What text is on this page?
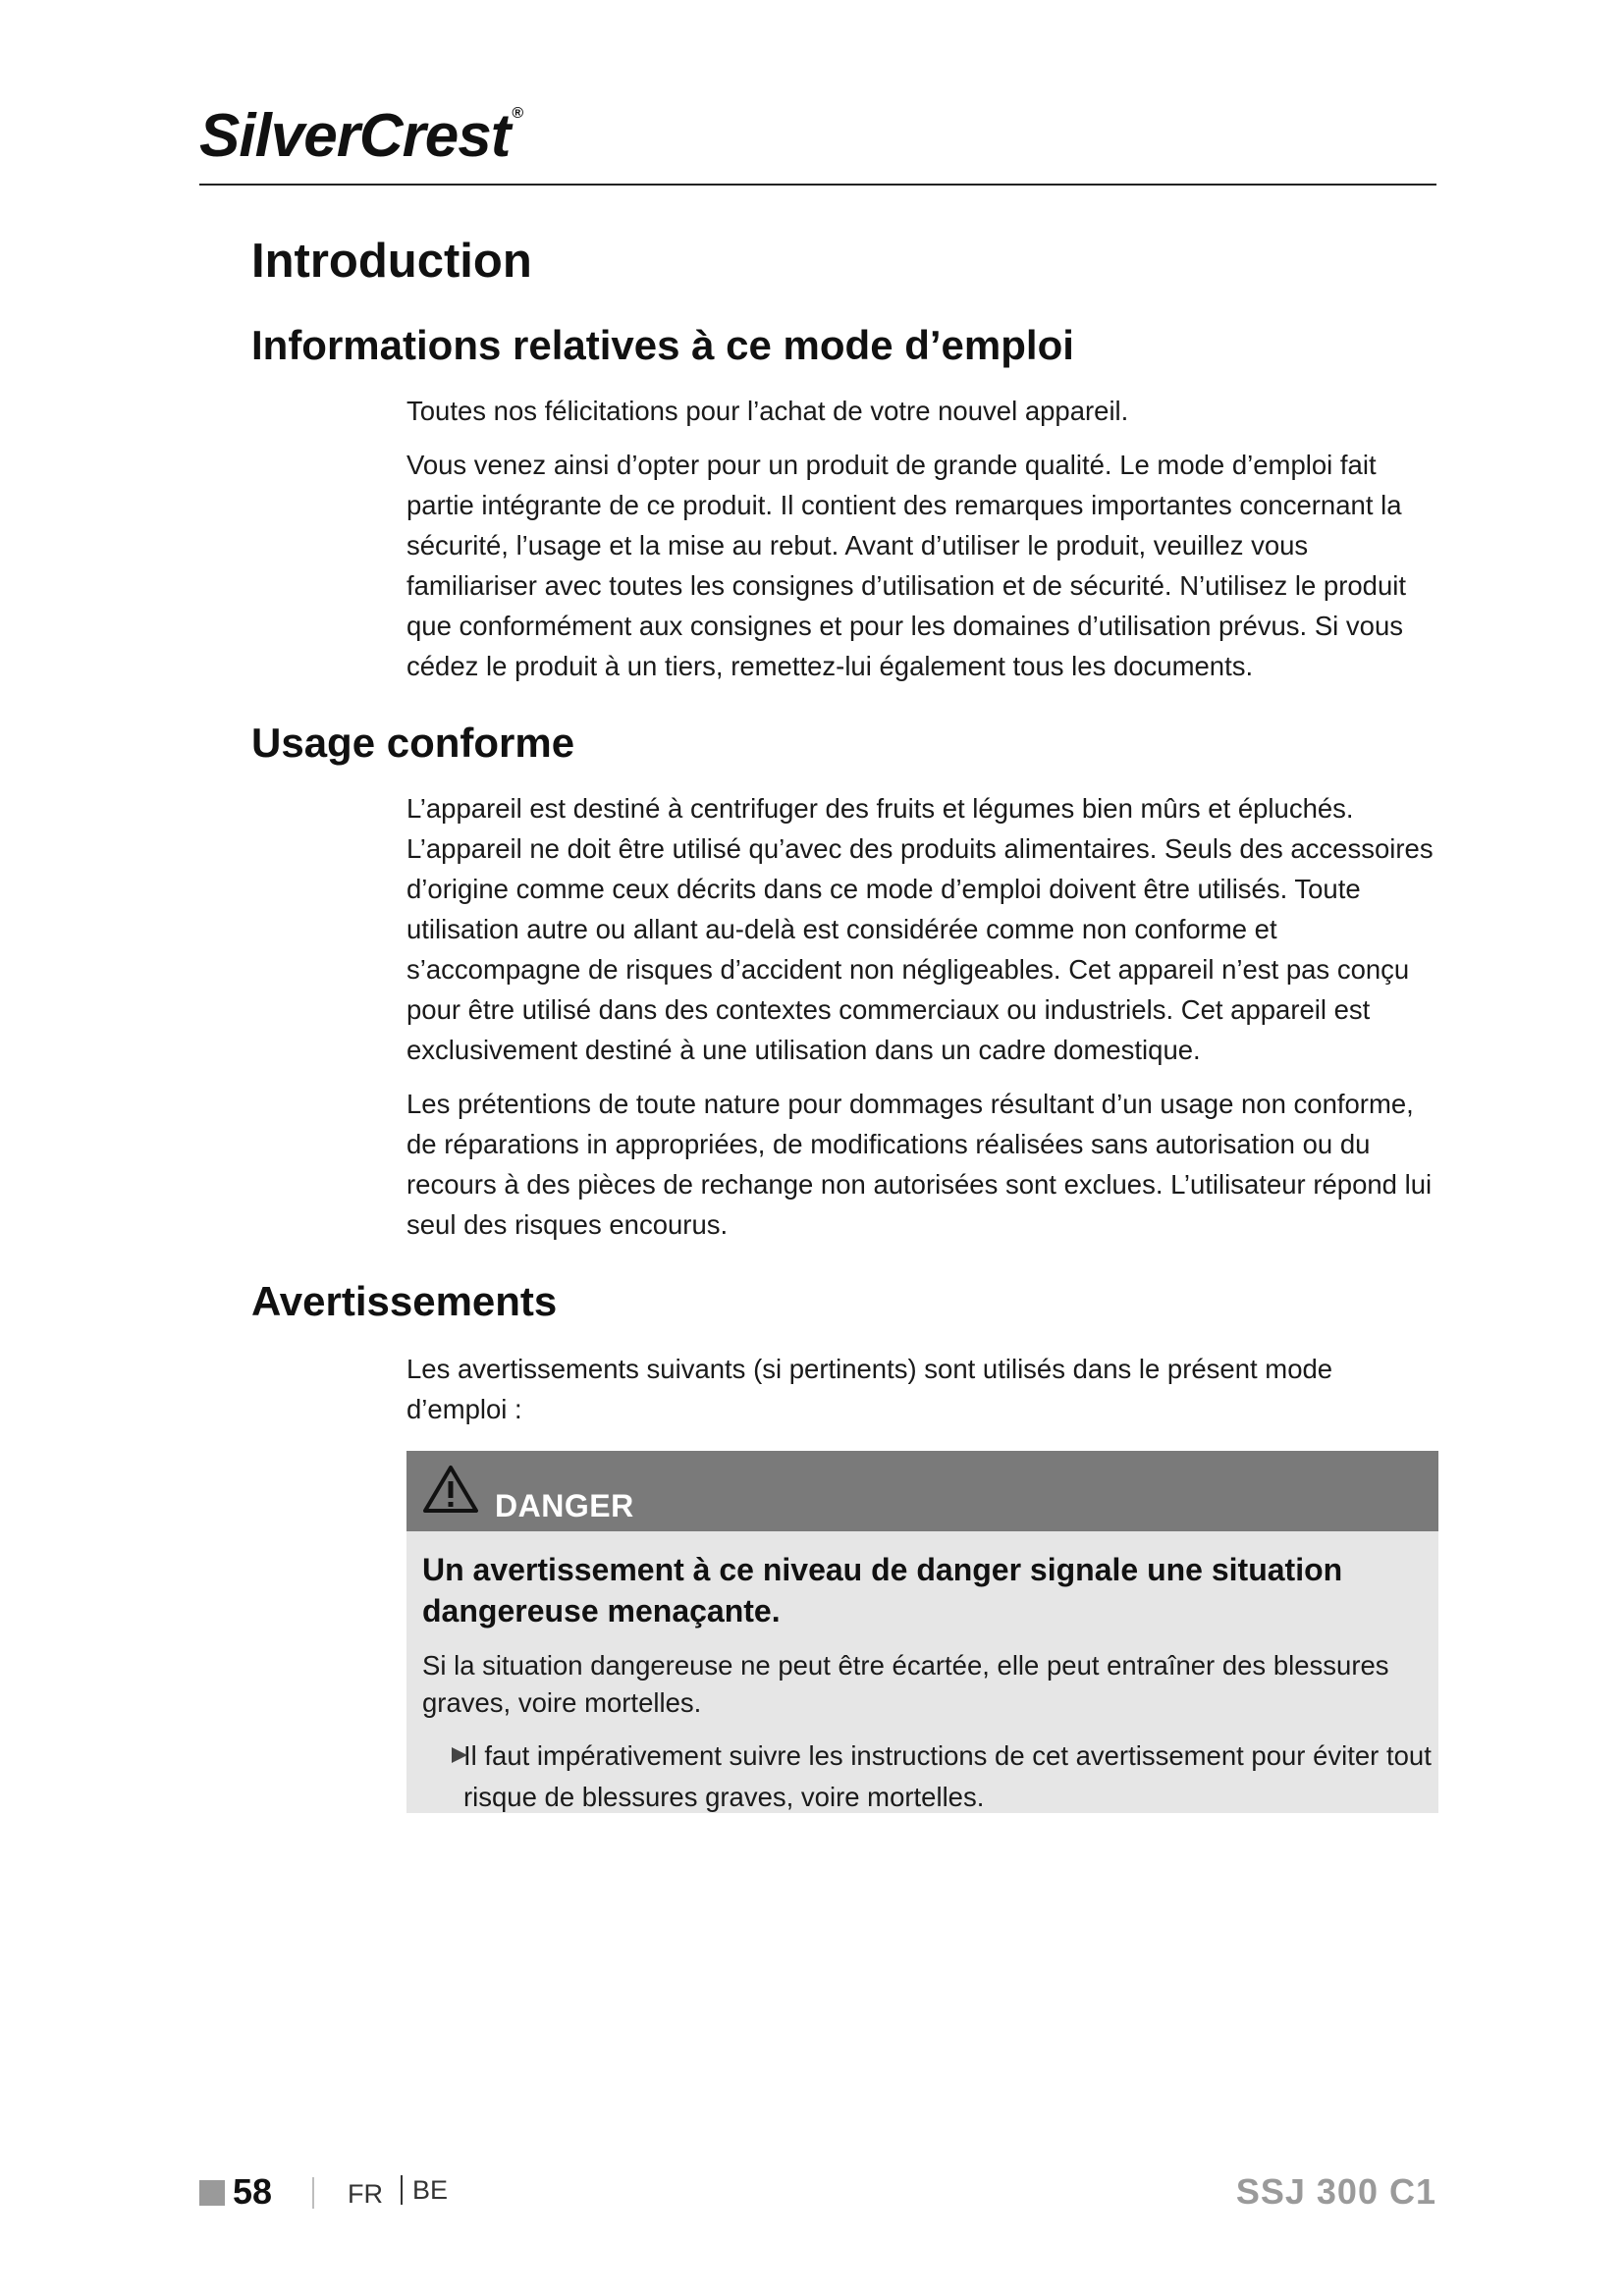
SilverCrest ®
Introduction
Informations relatives à ce mode d’emploi

Toutes nos félicitations pour l’achat de votre nouvel appareil.

Vous venez ainsi d’opter pour un produit de grande qualité. Le mode d’emploi fait partie intégrante de ce produit. Il contient des remarques importantes concernant la sécurité, l’usage et la mise au rebut. Avant d’utiliser le produit, veuillez vous familiariser avec toutes les consignes d’utilisation et de sécurité. N’utilisez le produit que conformément aux consignes et pour les domaines d’utilisation prévus. Si vous cédez le produit à un tiers, remettez-lui également tous les documents.

Usage conforme

L’appareil est destiné à centrifuger des fruits et légumes bien mûrs et épluchés. L’appareil ne doit être utilisé qu’avec des produits alimentaires. Seuls des accessoires d’origine comme ceux décrits dans ce mode d’emploi doivent être utilisés. Toute utilisation autre ou allant au-delà est considérée comme non conforme et s’accompagne de risques d’accident non négligeables. Cet appareil n’est pas conçu pour être utilisé dans des contextes commerciaux ou industriels. Cet appareil est exclusivement destiné à une utilisation dans un cadre domestique.

Les prétentions de toute nature pour dommages résultant d’un usage non conforme, de réparations in appropriées, de modifications réalisées sans autorisation ou du recours à des pièces de rechange non autorisées sont exclues. L’utilisateur répond lui seul des risques encourus.

Avertissements

Les avertissements suivants (si pertinents) sont utilisés dans le présent mode d’emploi :

DANGER

Un avertissement à ce niveau de danger signale une situation dangereuse menaçante.

Si la situation dangereuse ne peut être écartée, elle peut entraîner des blessures graves, voire mortelles.

Il faut impérativement suivre les instructions de cet avertissement pour éviter tout risque de blessures graves, voire mortelles.
58	FR BE	SSJ 300 C1
